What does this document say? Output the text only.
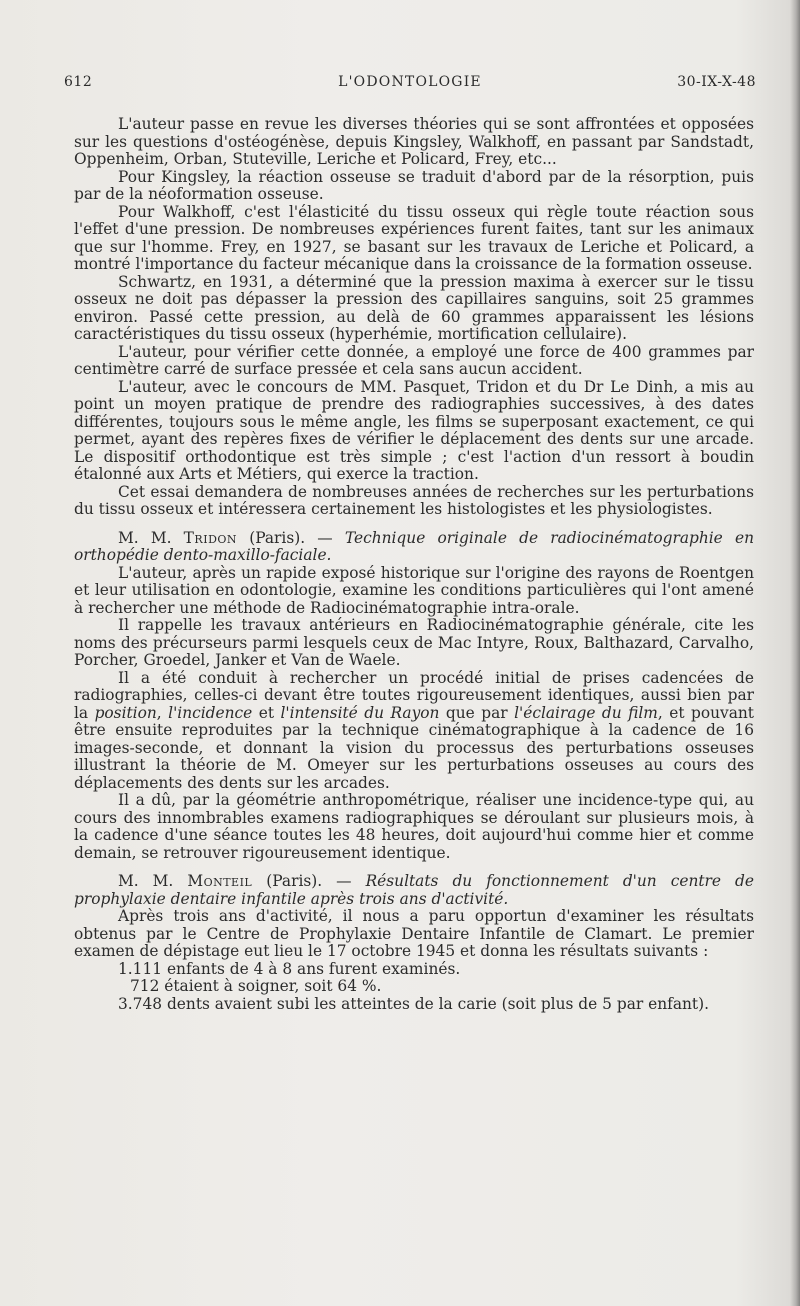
612	L'ODONTOLOGIE	30-IX-X-48

L'auteur passe en revue les diverses théories qui se sont affrontées et opposées sur les questions d'ostéogénèse, depuis Kingsley, Walkhoff, en passant par Sandstadt, Oppenheim, Orban, Stuteville, Leriche et Policard, Frey, etc...

Pour Kingsley, la réaction osseuse se traduit d'abord par de la résorption, puis par de la néoformation osseuse.

Pour Walkhoff, c'est l'élasticité du tissu osseux qui règle toute réaction sous l'effet d'une pression. De nombreuses expériences furent faites, tant sur les animaux que sur l'homme. Frey, en 1927, se basant sur les travaux de Leriche et Policard, a montré l'importance du facteur mécanique dans la croissance de la formation osseuse.

Schwartz, en 1931, a déterminé que la pression maxima à exercer sur le tissu osseux ne doit pas dépasser la pression des capillaires sanguins, soit 25 grammes environ. Passé cette pression, au delà de 60 grammes apparaissent les lésions caractéristiques du tissu osseux (hyperhémie, mortification cellulaire).

L'auteur, pour vérifier cette donnée, a employé une force de 400 grammes par centimètre carré de surface pressée et cela sans aucun accident.

L'auteur, avec le concours de MM. Pasquet, Tridon et du Dr Le Dinh, a mis au point un moyen pratique de prendre des radiographies successives, à des dates différentes, toujours sous le même angle, les films se superposant exactement, ce qui permet, ayant des repères fixes de vérifier le déplacement des dents sur une arcade. Le dispositif orthodontique est très simple ; c'est l'action d'un ressort à boudin étalonné aux Arts et Métiers, qui exerce la traction.

Cet essai demandera de nombreuses années de recherches sur les perturbations du tissu osseux et intéressera certainement les histologistes et les physiologistes.

M. M. Tridon (Paris). — Technique originale de radiocinématographie en orthopédie dento-maxillo-faciale.

L'auteur, après un rapide exposé historique sur l'origine des rayons de Roentgen et leur utilisation en odontologie, examine les conditions particulières qui l'ont amené à rechercher une méthode de Radiocinématographie intra-orale.

Il rappelle les travaux antérieurs en Radiocinématographie générale, cite les noms des précurseurs parmi lesquels ceux de Mac Intyre, Roux, Balthazard, Carvalho, Porcher, Groedel, Janker et Van de Waele.

Il a été conduit à rechercher un procédé initial de prises cadencées de radiographies, celles-ci devant être toutes rigoureusement identiques, aussi bien par la position, l'incidence et l'intensité du Rayon que par l'éclairage du film, et pouvant être ensuite reproduites par la technique cinématographique à la cadence de 16 images-seconde, et donnant la vision du processus des perturbations osseuses illustrant la théorie de M. Omeyer sur les perturbations osseuses au cours des déplacements des dents sur les arcades.

Il a dû, par la géométrie anthropométrique, réaliser une incidence-type qui, au cours des innombrables examens radiographiques se déroulant sur plusieurs mois, à la cadence d'une séance toutes les 48 heures, doit aujourd'hui comme hier et comme demain, se retrouver rigoureusement identique.

M. M. Monteil (Paris). — Résultats du fonctionnement d'un centre de prophylaxie dentaire infantile après trois ans d'activité.

Après trois ans d'activité, il nous a paru opportun d'examiner les résultats obtenus par le Centre de Prophylaxie Dentaire Infantile de Clamart. Le premier examen de dépistage eut lieu le 17 octobre 1945 et donna les résultats suivants :

1.111 enfants de 4 à 8 ans furent examinés.
712 étaient à soigner, soit 64 %.
3.748 dents avaient subi les atteintes de la carie (soit plus de 5 par enfant).
